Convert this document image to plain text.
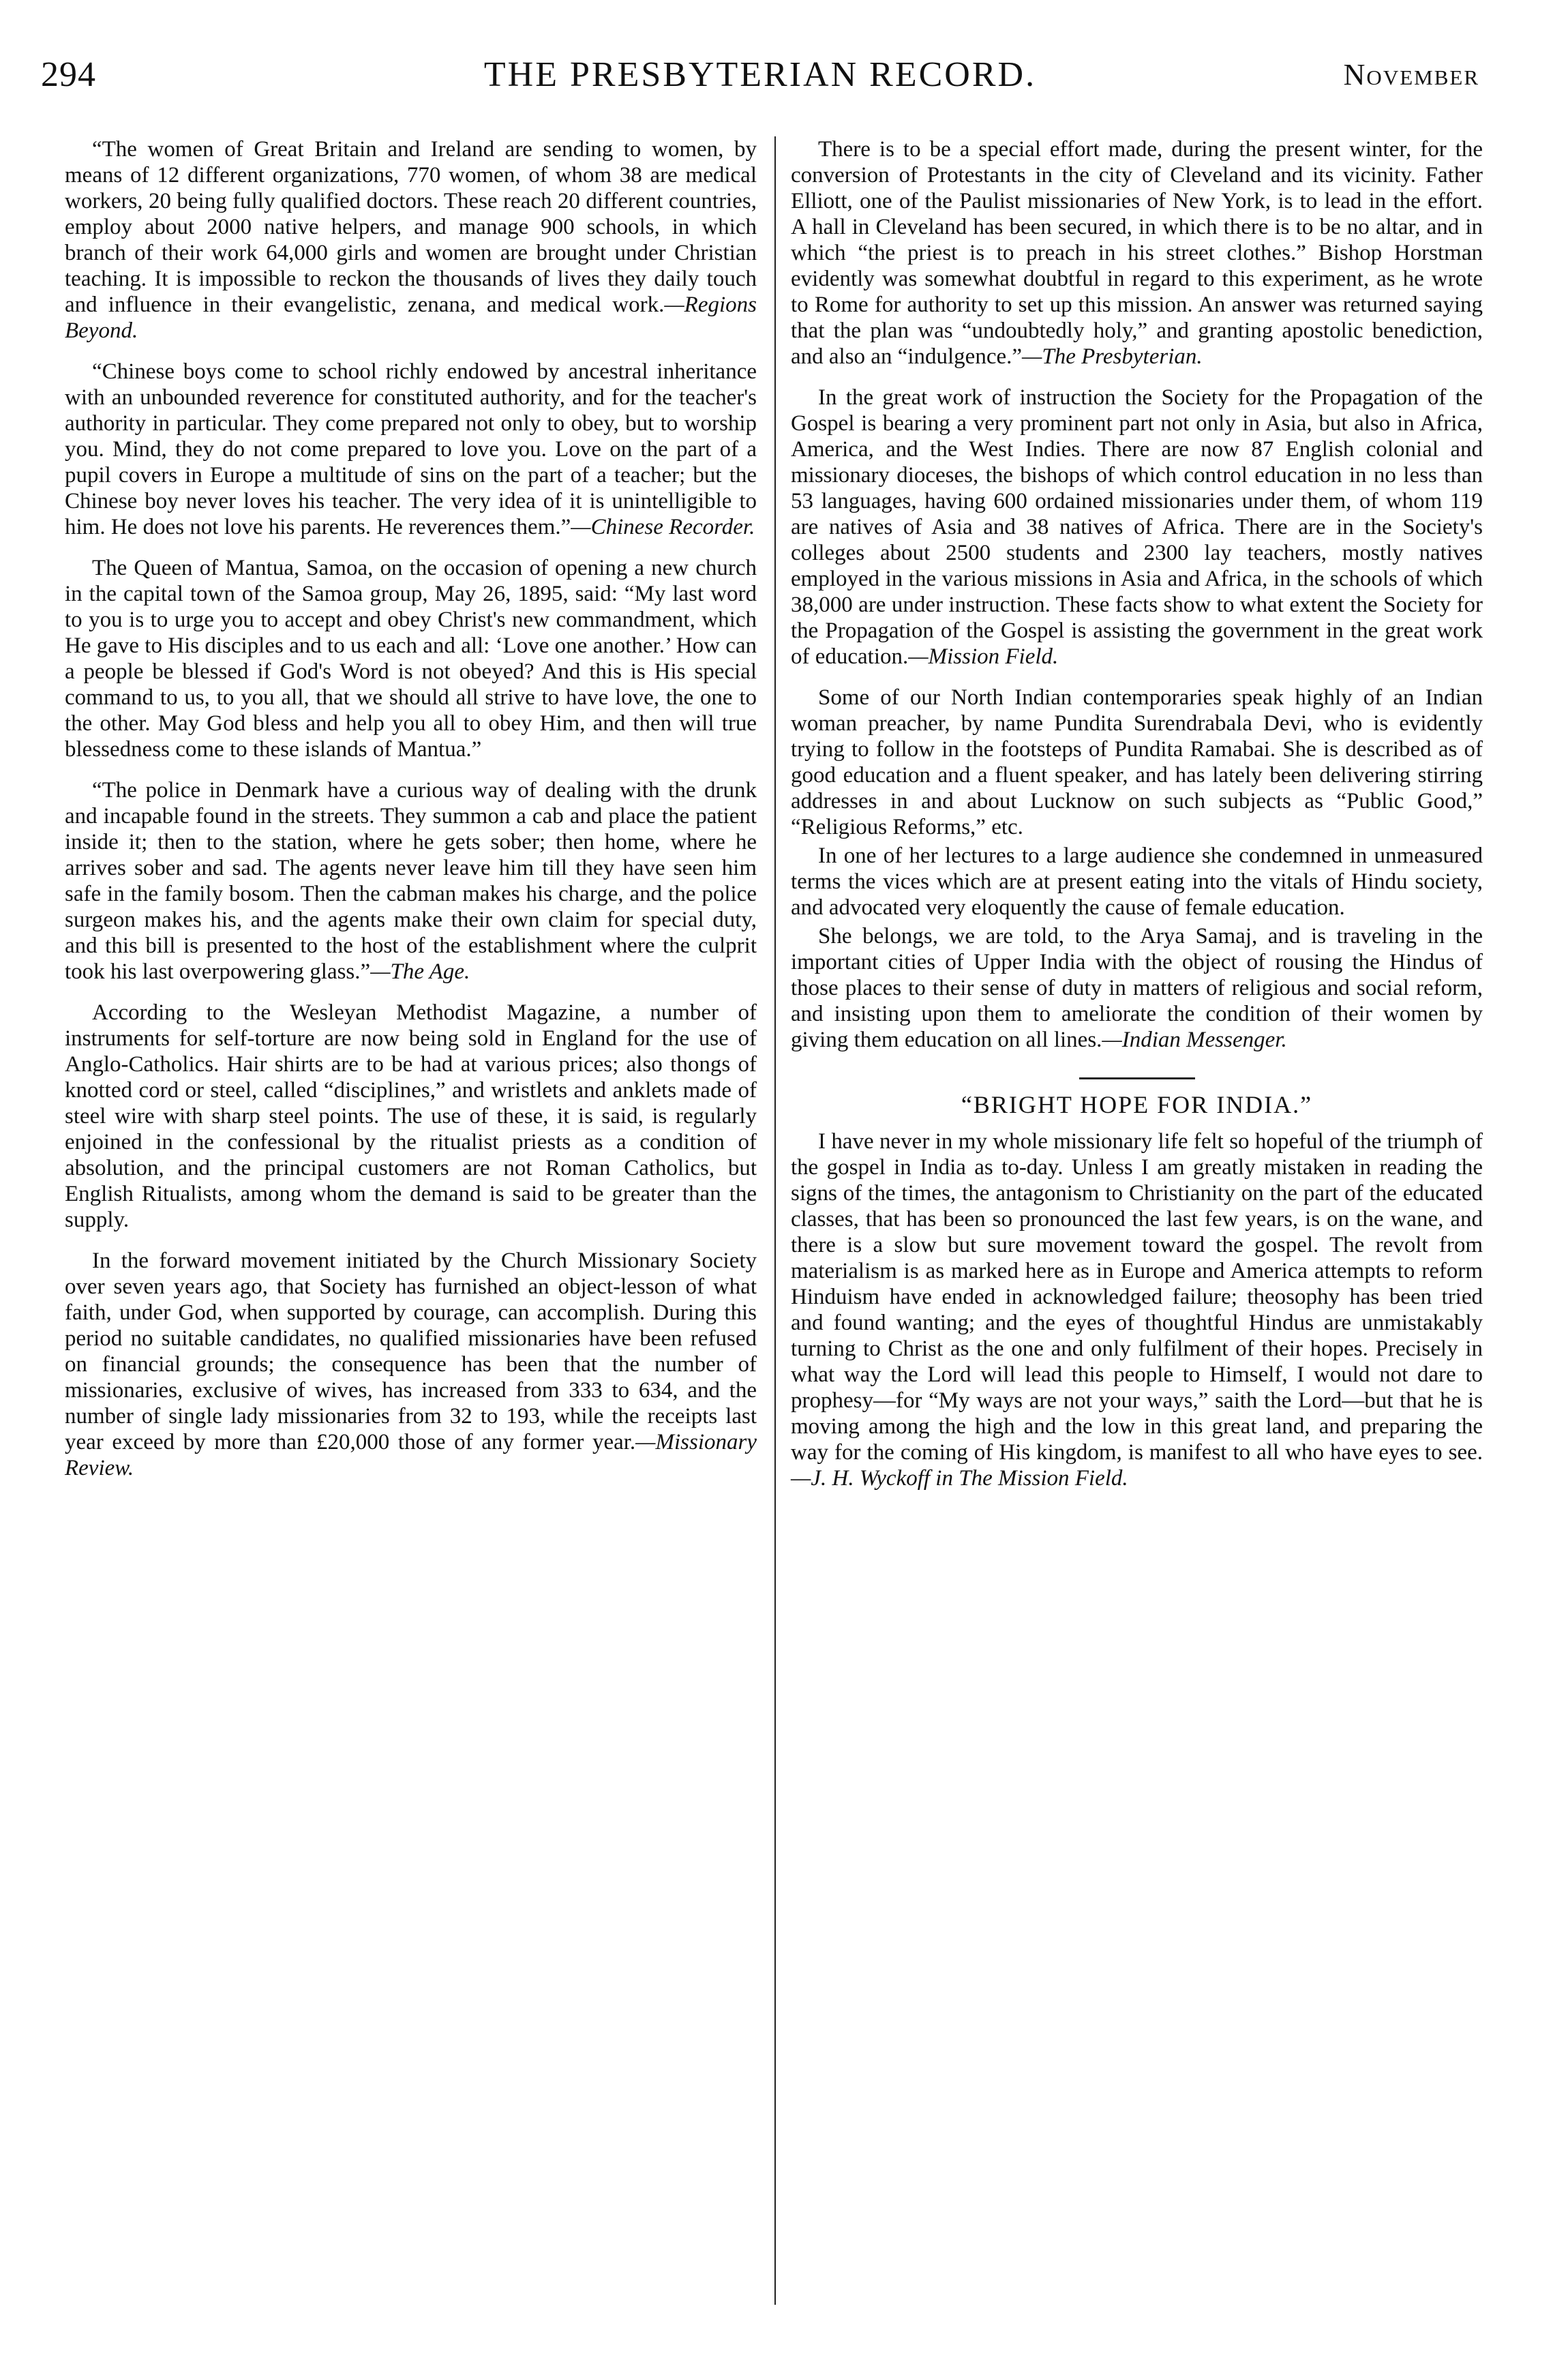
294	THE PRESBYTERIAN RECORD.	November

“The women of Great Britain and Ireland are sending to women, by means of 12 different organizations, 770 women, of whom 38 are medical workers, 20 being fully qualified doctors. These reach 20 different countries, employ about 2000 native helpers, and manage 900 schools, in which branch of their work 64,000 girls and women are brought under Christian teaching. It is impossible to reckon the thousands of lives they daily touch and influence in their evangelistic, zenana, and medical work.—Regions Beyond.

“Chinese boys come to school richly endowed by ancestral inheritance with an unbounded reverence for constituted authority, and for the teacher's authority in particular. They come prepared not only to obey, but to worship you. Mind, they do not come prepared to love you. Love on the part of a pupil covers in Europe a multitude of sins on the part of a teacher; but the Chinese boy never loves his teacher. The very idea of it is unintelligible to him. He does not love his parents. He reverences them.”—Chinese Recorder.

The Queen of Mantua, Samoa, on the occasion of opening a new church in the capital town of the Samoa group, May 26, 1895, said: “My last word to you is to urge you to accept and obey Christ's new commandment, which He gave to His disciples and to us each and all: ‘Love one another.’ How can a people be blessed if God's Word is not obeyed? And this is His special command to us, to you all, that we should all strive to have love, the one to the other. May God bless and help you all to obey Him, and then will true blessedness come to these islands of Mantua.”

“The police in Denmark have a curious way of dealing with the drunk and incapable found in the streets. They summon a cab and place the patient inside it; then to the station, where he gets sober; then home, where he arrives sober and sad. The agents never leave him till they have seen him safe in the family bosom. Then the cabman makes his charge, and the police surgeon makes his, and the agents make their own claim for special duty, and this bill is presented to the host of the establishment where the culprit took his last overpowering glass.”—The Age.

According to the Wesleyan Methodist Magazine, a number of instruments for self-torture are now being sold in England for the use of Anglo-Catholics. Hair shirts are to be had at various prices; also thongs of knotted cord or steel, called “disciplines,” and wristlets and anklets made of steel wire with sharp steel points. The use of these, it is said, is regularly enjoined in the confessional by the ritualist priests as a condition of absolution, and the principal customers are not Roman Catholics, but English Ritualists, among whom the demand is said to be greater than the supply.

In the forward movement initiated by the Church Missionary Society over seven years ago, that Society has furnished an object-lesson of what faith, under God, when supported by courage, can accomplish. During this period no suitable candidates, no qualified missionaries have been refused on financial grounds; the consequence has been that the number of missionaries, exclusive of wives, has increased from 333 to 634, and the number of single lady missionaries from 32 to 193, while the receipts last year exceed by more than £20,000 those of any former year.—Missionary Review.

There is to be a special effort made, during the present winter, for the conversion of Protestants in the city of Cleveland and its vicinity. Father Elliott, one of the Paulist missionaries of New York, is to lead in the effort. A hall in Cleveland has been secured, in which there is to be no altar, and in which “the priest is to preach in his street clothes.” Bishop Horstman evidently was somewhat doubtful in regard to this experiment, as he wrote to Rome for authority to set up this mission. An answer was returned saying that the plan was “undoubtedly holy,” and granting apostolic benediction, and also an “indulgence.”—The Presbyterian.

In the great work of instruction the Society for the Propagation of the Gospel is bearing a very prominent part not only in Asia, but also in Africa, America, and the West Indies. There are now 87 English colonial and missionary dioceses, the bishops of which control education in no less than 53 languages, having 600 ordained missionaries under them, of whom 119 are natives of Asia and 38 natives of Africa. There are in the Society's colleges about 2500 students and 2300 lay teachers, mostly natives employed in the various missions in Asia and Africa, in the schools of which 38,000 are under instruction. These facts show to what extent the Society for the Propagation of the Gospel is assisting the government in the great work of education.—Mission Field.

Some of our North Indian contemporaries speak highly of an Indian woman preacher, by name Pundita Surendrabala Devi, who is evidently trying to follow in the footsteps of Pundita Ramabai. She is described as of good education and a fluent speaker, and has lately been delivering stirring addresses in and about Lucknow on such subjects as “Public Good,” “Religious Reforms,” etc.

In one of her lectures to a large audience she condemned in unmeasured terms the vices which are at present eating into the vitals of Hindu society, and advocated very eloquently the cause of female education.

She belongs, we are told, to the Arya Samaj, and is traveling in the important cities of Upper India with the object of rousing the Hindus of those places to their sense of duty in matters of religious and social reform, and insisting upon them to ameliorate the condition of their women by giving them education on all lines.—Indian Messenger.

“BRIGHT HOPE FOR INDIA.”

I have never in my whole missionary life felt so hopeful of the triumph of the gospel in India as to-day. Unless I am greatly mistaken in reading the signs of the times, the antagonism to Christianity on the part of the educated classes, that has been so pronounced the last few years, is on the wane, and there is a slow but sure movement toward the gospel. The revolt from materialism is as marked here as in Europe and America attempts to reform Hinduism have ended in acknowledged failure; theosophy has been tried and found wanting; and the eyes of thoughtful Hindus are unmistakably turning to Christ as the one and only fulfilment of their hopes. Precisely in what way the Lord will lead this people to Himself, I would not dare to prophesy—for “My ways are not your ways,” saith the Lord—but that he is moving among the high and the low in this great land, and preparing the way for the coming of His kingdom, is manifest to all who have eyes to see.—J. H. Wyckoff in The Mission Field.
